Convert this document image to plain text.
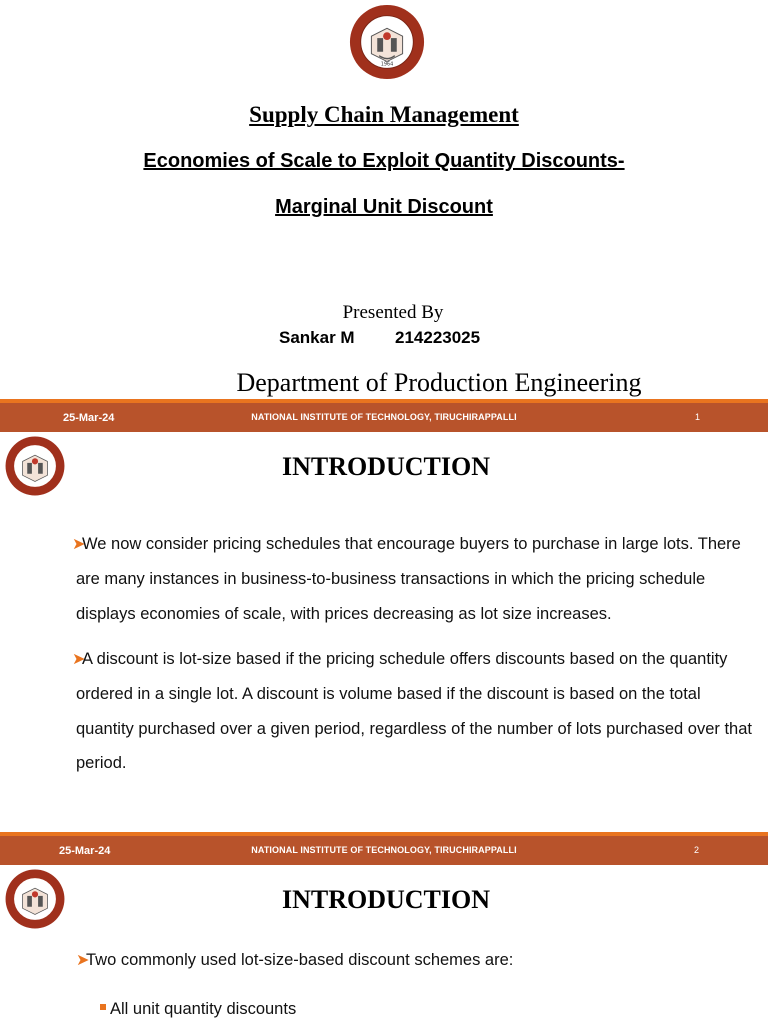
1964
Supply Chain Management
Economies of Scale to Exploit Quantity Discounts-
Marginal Unit Discount
Presented By
Sankar M 214223025
Department of Production Engineering
25-Mar-24	NATIONAL INSTITUTE OF TECHNOLOGY, TIRUCHIRAPPALLI	1
INTRODUCTION
➤We now consider pricing schedules that encourage buyers to purchase in large lots. There are many instances in business-to-business transactions in which the pricing schedule displays economies of scale, with prices decreasing as lot size increases.
➤A discount is lot-size based if the pricing schedule offers discounts based on the quantity ordered in a single lot. A discount is volume based if the discount is based on the total quantity purchased over a given period, regardless of the number of lots purchased over that period.
25-Mar-24	NATIONAL INSTITUTE OF TECHNOLOGY, TIRUCHIRAPPALLI	2
INTRODUCTION
➤Two commonly used lot-size-based discount schemes are:
All unit quantity discounts
